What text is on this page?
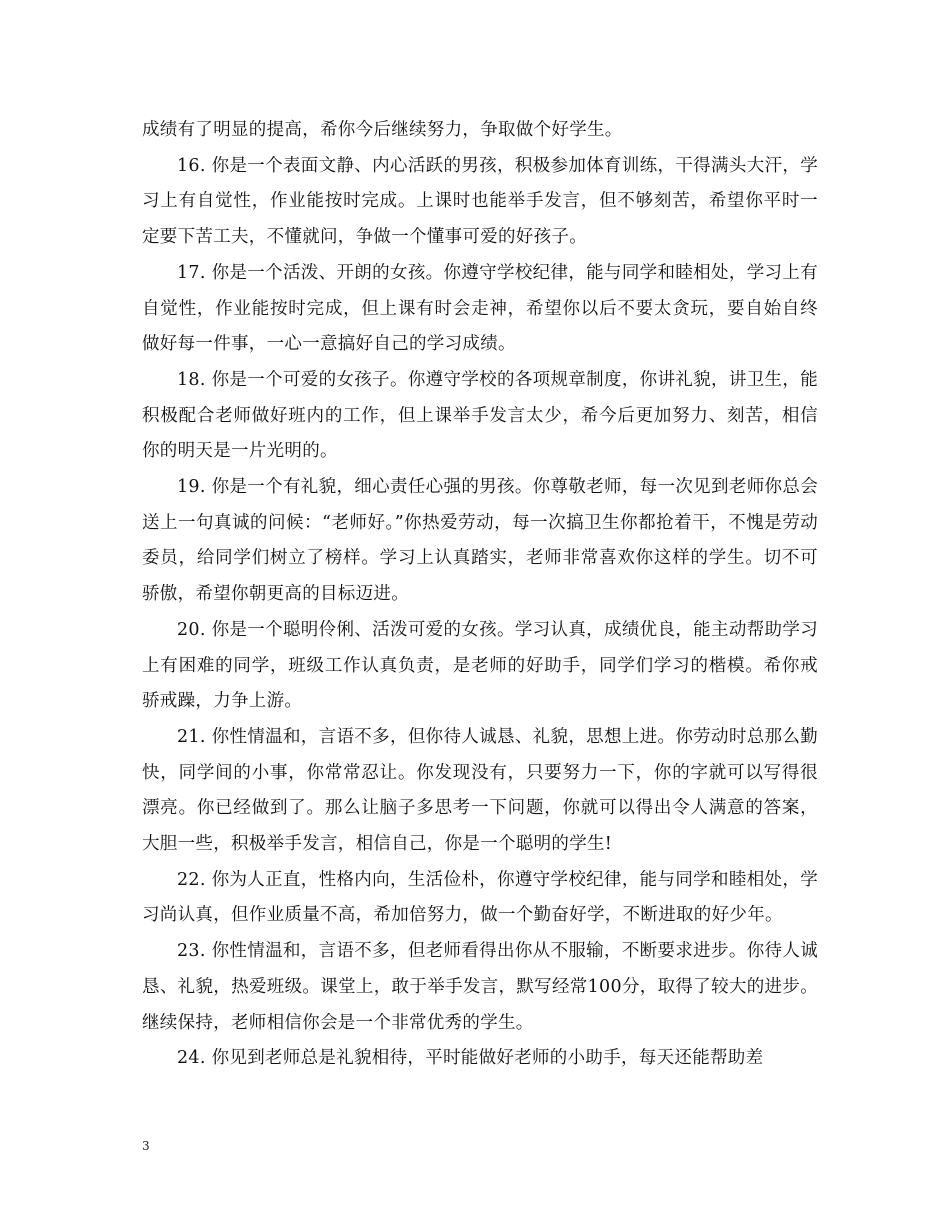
成绩有了明显的提高，希你今后继续努力，争取做个好学生。

16. 你是一个表面文静、内心活跃的男孩，积极参加体育训练，干得满头大汗，学习上有自觉性，作业能按时完成。上课时也能举手发言，但不够刻苦，希望你平时一定要下苦工夫，不懂就问，争做一个懂事可爱的好孩子。

17. 你是一个活泼、开朗的女孩。你遵守学校纪律，能与同学和睦相处，学习上有自觉性，作业能按时完成，但上课有时会走神，希望你以后不要太贪玩，要自始自终做好每一件事，一心一意搞好自己的学习成绩。

18. 你是一个可爱的女孩子。你遵守学校的各项规章制度，你讲礼貌，讲卫生，能积极配合老师做好班内的工作，但上课举手发言太少，希今后更加努力、刻苦，相信你的明天是一片光明的。

19. 你是一个有礼貌，细心责任心强的男孩。你尊敬老师，每一次见到老师你总会送上一句真诚的问候：“老师好。”你热爱劳动，每一次搞卫生你都抢着干，不愧是劳动委员，给同学们树立了榜样。学习上认真踏实，老师非常喜欢你这样的学生。切不可骄傲，希望你朝更高的目标迈进。

20. 你是一个聪明伶俐、活泼可爱的女孩。学习认真，成绩优良，能主动帮助学习上有困难的同学，班级工作认真负责，是老师的好助手，同学们学习的楷模。希你戒骄戒躁，力争上游。

21. 你性情温和，言语不多，但你待人诚恳、礼貌，思想上进。你劳动时总那么勤快，同学间的小事，你常常忍让。你发现没有，只要努力一下，你的字就可以写得很漂亮。你已经做到了。那么让脑子多思考一下问题，你就可以得出令人满意的答案，大胆一些，积极举手发言，相信自己，你是一个聪明的学生!

22. 你为人正直，性格内向，生活俭朴，你遵守学校纪律，能与同学和睦相处，学习尚认真，但作业质量不高，希加倍努力，做一个勤奋好学，不断进取的好少年。

23. 你性情温和，言语不多，但老师看得出你从不服输，不断要求进步。你待人诚恳、礼貌，热爱班级。课堂上，敢于举手发言，默写经常100分，取得了较大的进步。继续保持，老师相信你会是一个非常优秀的学生。

24. 你见到老师总是礼貌相待，平时能做好老师的小助手，每天还能帮助差

3
